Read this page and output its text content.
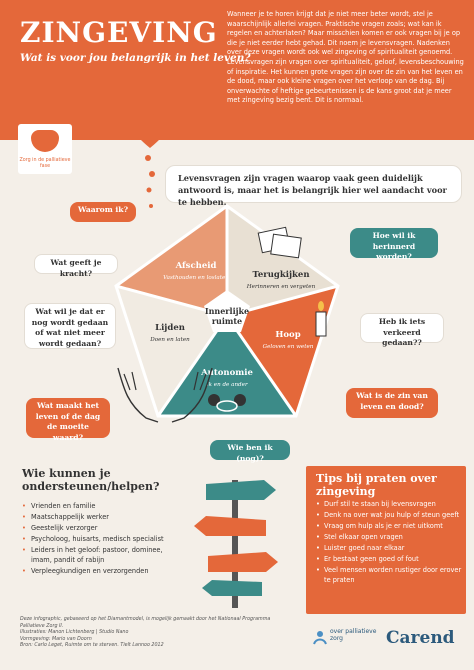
ZINGEVING
Wat is voor jou belangrijk in het leven?
Wanneer je te horen krijgt dat je niet meer beter wordt, stel je waarschijnlijk allerlei vragen. Praktische vragen zoals; wat kan ik regelen en achterlaten? Maar misschien komen er ook vragen bij je op die je niet eerder hebt gehad. Dit noem je levensvragen. Nadenken over deze vragen wordt ook wel zingeving of spiritualiteit genoemd. Levensvragen zijn vragen over spiritualiteit, geloof, levensbeschouwing of inspiratie. Het kunnen grote vragen zijn over de zin van het leven en de dood, maar ook kleine vragen over het verloop van de dag. Bij onverwachte of heftige gebeurtenissen is de kans groot dat je meer met zingeving bezig bent. Dit is normaal.
Zorg in de palliatieve fase
Levensvragen zijn vragen waarop vaak geen duidelijk antwoord is, maar het is belangrijk hier wel aandacht voor te hebben.
Waarom ik?
Wat geeft je kracht?
Wat wil je dat er nog wordt gedaan of wat niet meer wordt gedaan?
Wat maakt het leven of de dag de moeite waard?
Hoe wil ik herinnerd worden?
Heb ik iets verkeerd gedaan??
Wat is de zin van leven en dood?
Wie ben ik (nog)?
Innerlijke
ruimte
Afscheid
Vasthouden en loslaten	Terugkijken
Herinneren en vergeten
Hoop
Geloven en weten
Autonomie
Ik en de ander
Lijden
Doen en laten
Wie kunnen je ondersteunen/helpen?
• Vrienden en familie
• Maatschappelijk werker
• Geestelijk verzorger
• Psycholoog, huisarts, medisch specialist
• Leiders in het geloof: pastoor, dominee, imam, pandit of rabijn
• Verpleegkundigen en verzorgenden
Tips bij praten over zingeving
• Durf stil te staan bij levensvragen
• Denk na over wat jou hulp of steun geeft
• Vraag om hulp als je er niet uitkomt
• Stel elkaar open vragen
• Luister goed naar elkaar
• Er bestaat geen goed of fout
• Veel mensen worden rustiger door erover te praten
Deze infographic, gebaseerd op het Diamantmodel, is mogelijk gemaakt door het Nationaal Programma Palliatieve Zorg II.
Illustraties: Manon Lichtenberg | Studio Nano
Vormgeving: Mario van Doorn
Bron: Carlo Leget, Ruimte om te sterven. Tielt Lannoo 2012
over palliatieve zorg	Carend
